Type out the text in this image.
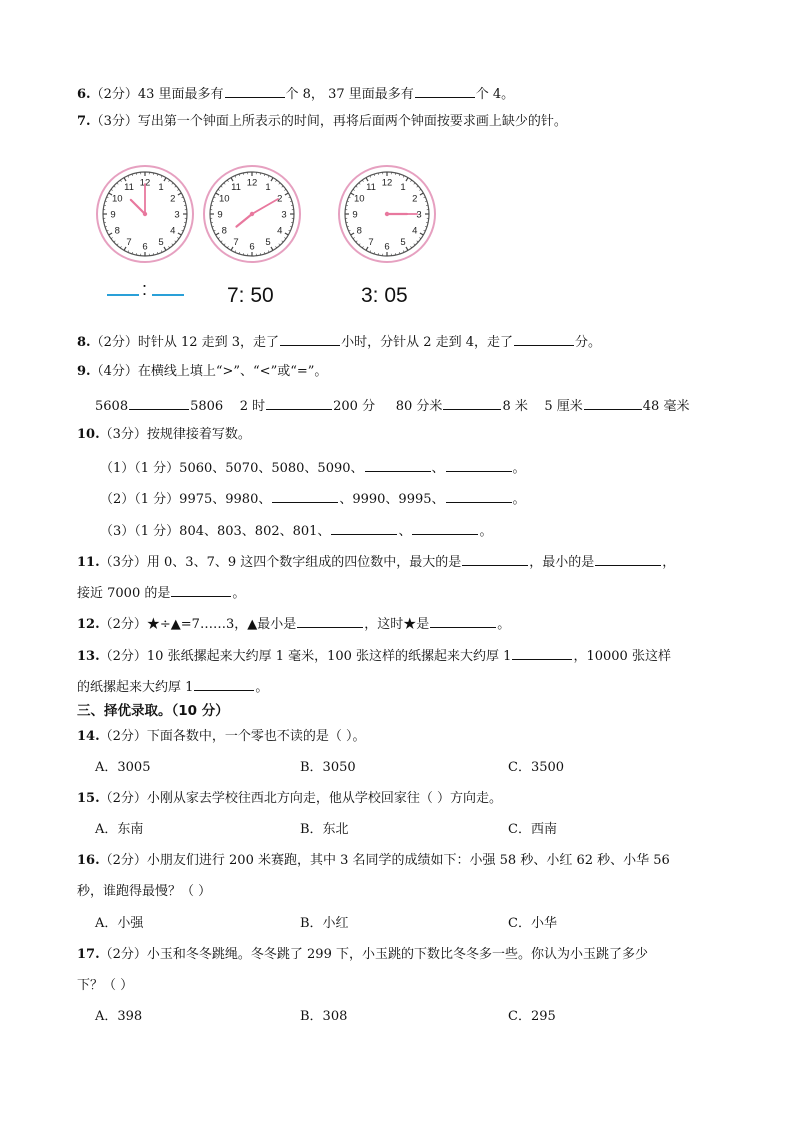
6.（2分）43 里面最多有	个 8， 37 里面最多有	个 4。
7.（3分）写出第一个钟面上所表示的时间，再将后面两个钟面按要求画上缺少的针。
12 1
2
3
4
5
6
7
8
9
10
11	12 1
2
3
4
5
6
7
8
9
10
11	12 1
2
3
4
5
6
7
8
9
10
11
:	7: 50	3: 05
8.（2分）时针从 12 走到 3，走了	小时，分针从 2 走到 4，走了	分。
9.（4分）在横线上填上“>”、“<”或“=”。
5608	5806 2 时	200 分 80 分米	8 米 5 厘米	48 毫米
10.（3分）按规律接着写数。
（1）（1 分）5060、5070、5080、5090、	、	。
（2）（1 分）9975、9980、	、9990、9995、	。
（3）（1 分）804、803、802、801、	、	。
11.（3分）用 0、3、7、9 这四个数字组成的四位数中，最大的是	，最小的是	，
接近 7000 的是	。
12.（2分）★÷▲=7……3，▲最小是	，这时★是	。
13.（2分）10 张纸摞起来大约厚 1 毫米，100 张这样的纸摞起来大约厚 1	，10000 张这样
的纸摞起来大约厚 1	。
三、择优录取。（10 分）
14.（2分）下面各数中，一个零也不读的是（ ）。
A．3005	B．3050	C．3500
15.（2分）小刚从家去学校往西北方向走，他从学校回家往（ ）方向走。
A．东南	B．东北	C．西南
16.（2分）小朋友们进行 200 米赛跑，其中 3 名同学的成绩如下：小强 58 秒、小红 62 秒、小华 56
秒，谁跑得最慢？（ ）
A．小强	B．小红	C．小华
17.（2分）小玉和冬冬跳绳。冬冬跳了 299 下，小玉跳的下数比冬冬多一些。你认为小玉跳了多少
下？（ ）
A．398	B．308	C．295
